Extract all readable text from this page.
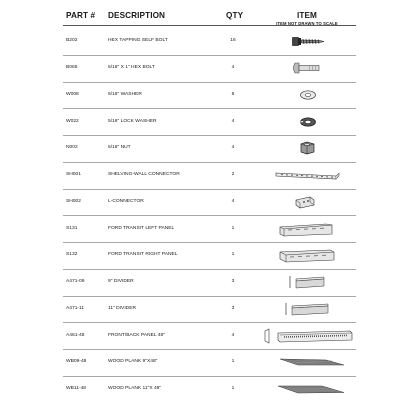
PART # DESCRIPTION	QTY	ITEM
ITEM NOT DRAWN TO SCALE
B202	HEX TAPPING SELF BOLT	16
B065	5/16" X 1" HEX BOLT	4
W008	5/16" WASHER	8
W022	5/16" LOCK WASHER	4
N002	5/16" NUT	4
SH001	SHELVING-WALL CONNECTOR	2
SH002	L-CONNECTOR	4
S131	FORD TRANSIT LEFT PANEL	1
S132	FORD TRANSIT RIGHT PANEL	1
A471-09	9" DIVIDER	3
A471-11	11" DIVIDER	3
A461-48	FRONT/BACK PANEL 48"	4
WB09-48	WOOD PLANK 9"X48"	1
WB11-48	WOOD PLANK 11"X 48"	1
